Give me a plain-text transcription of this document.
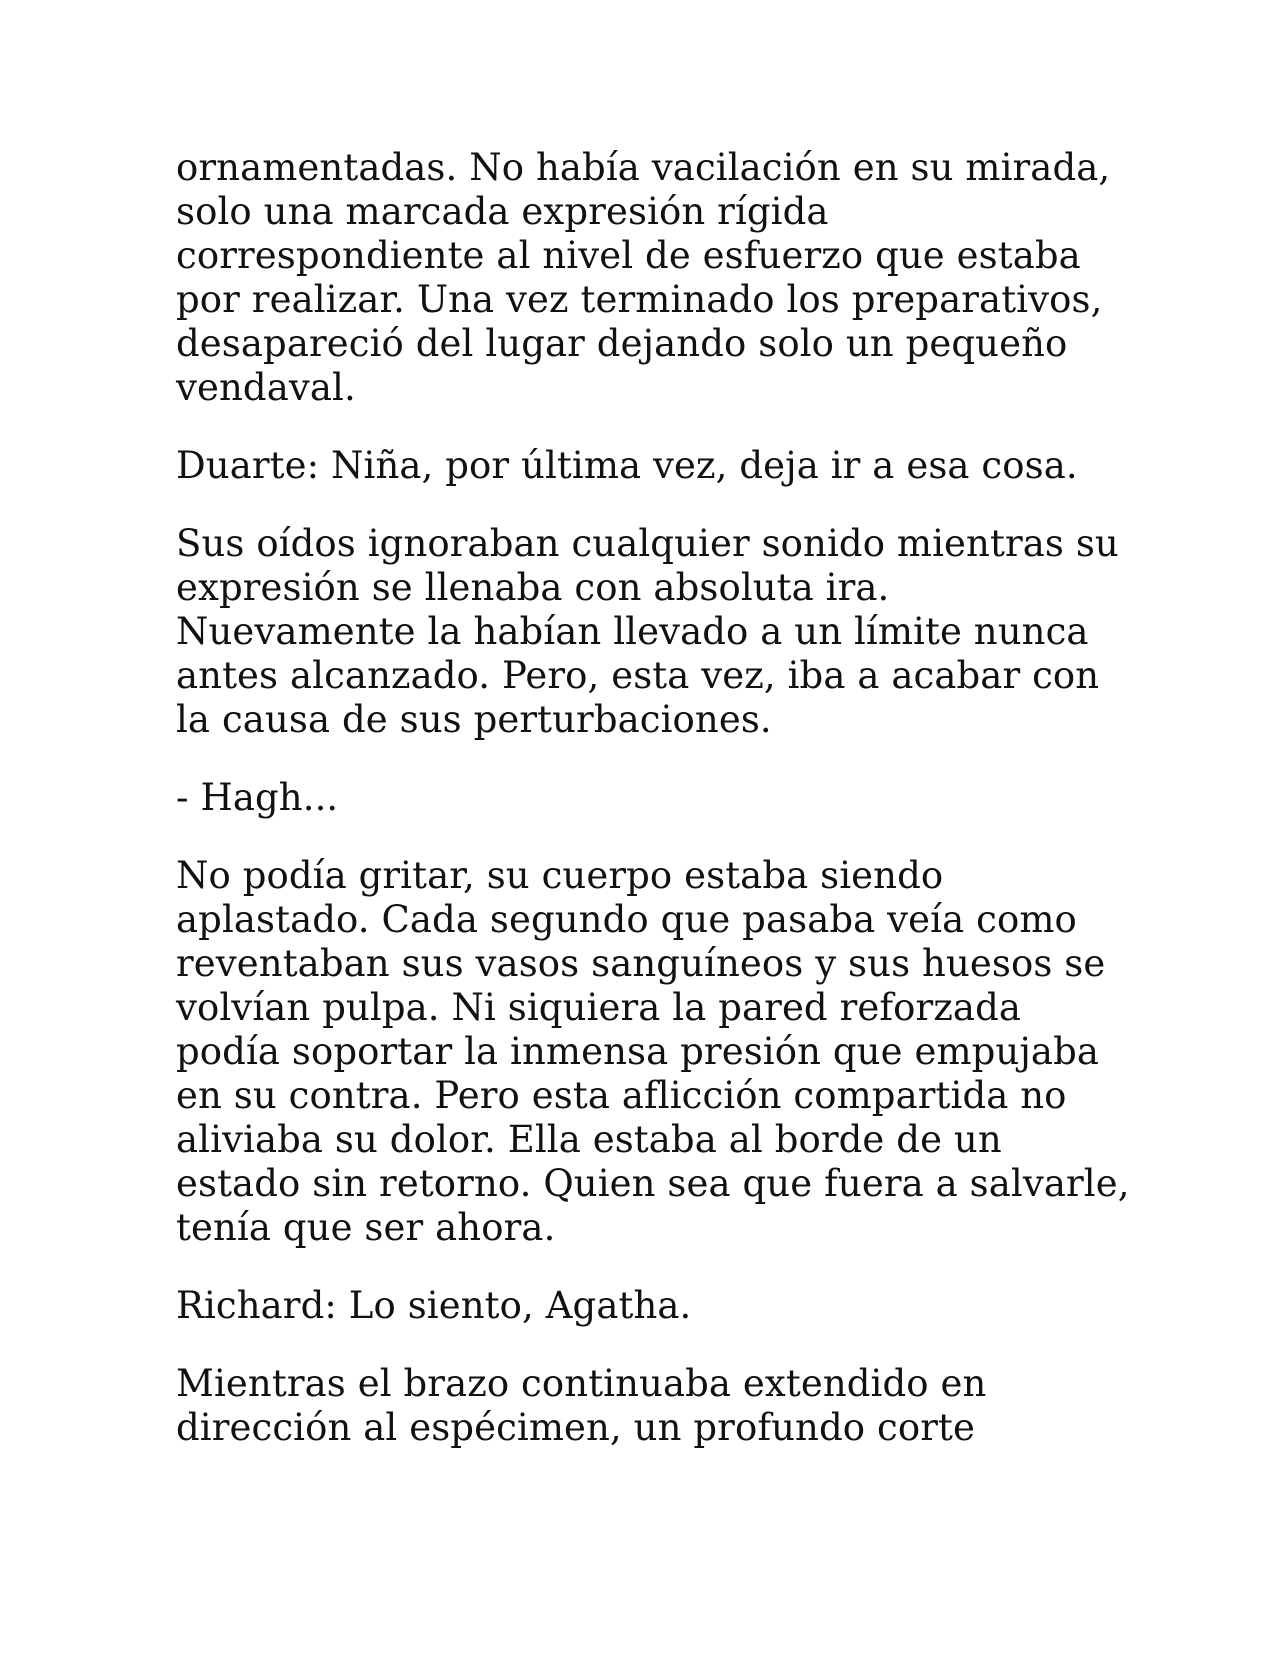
ornamentadas. No había vacilación en su mirada,
solo una marcada expresión rígida
correspondiente al nivel de esfuerzo que estaba
por realizar. Una vez terminado los preparativos,
desapareció del lugar dejando solo un pequeño
vendaval.

Duarte: Niña, por última vez, deja ir a esa cosa.

Sus oídos ignoraban cualquier sonido mientras su
expresión se llenaba con absoluta ira.
Nuevamente la habían llevado a un límite nunca
antes alcanzado. Pero, esta vez, iba a acabar con
la causa de sus perturbaciones.

- Hagh...

No podía gritar, su cuerpo estaba siendo
aplastado. Cada segundo que pasaba veía como
reventaban sus vasos sanguíneos y sus huesos se
volvían pulpa. Ni siquiera la pared reforzada
podía soportar la inmensa presión que empujaba
en su contra. Pero esta aflicción compartida no
aliviaba su dolor. Ella estaba al borde de un
estado sin retorno. Quien sea que fuera a salvarle,
tenía que ser ahora.

Richard: Lo siento, Agatha.

Mientras el brazo continuaba extendido en
dirección al espécimen, un profundo corte
